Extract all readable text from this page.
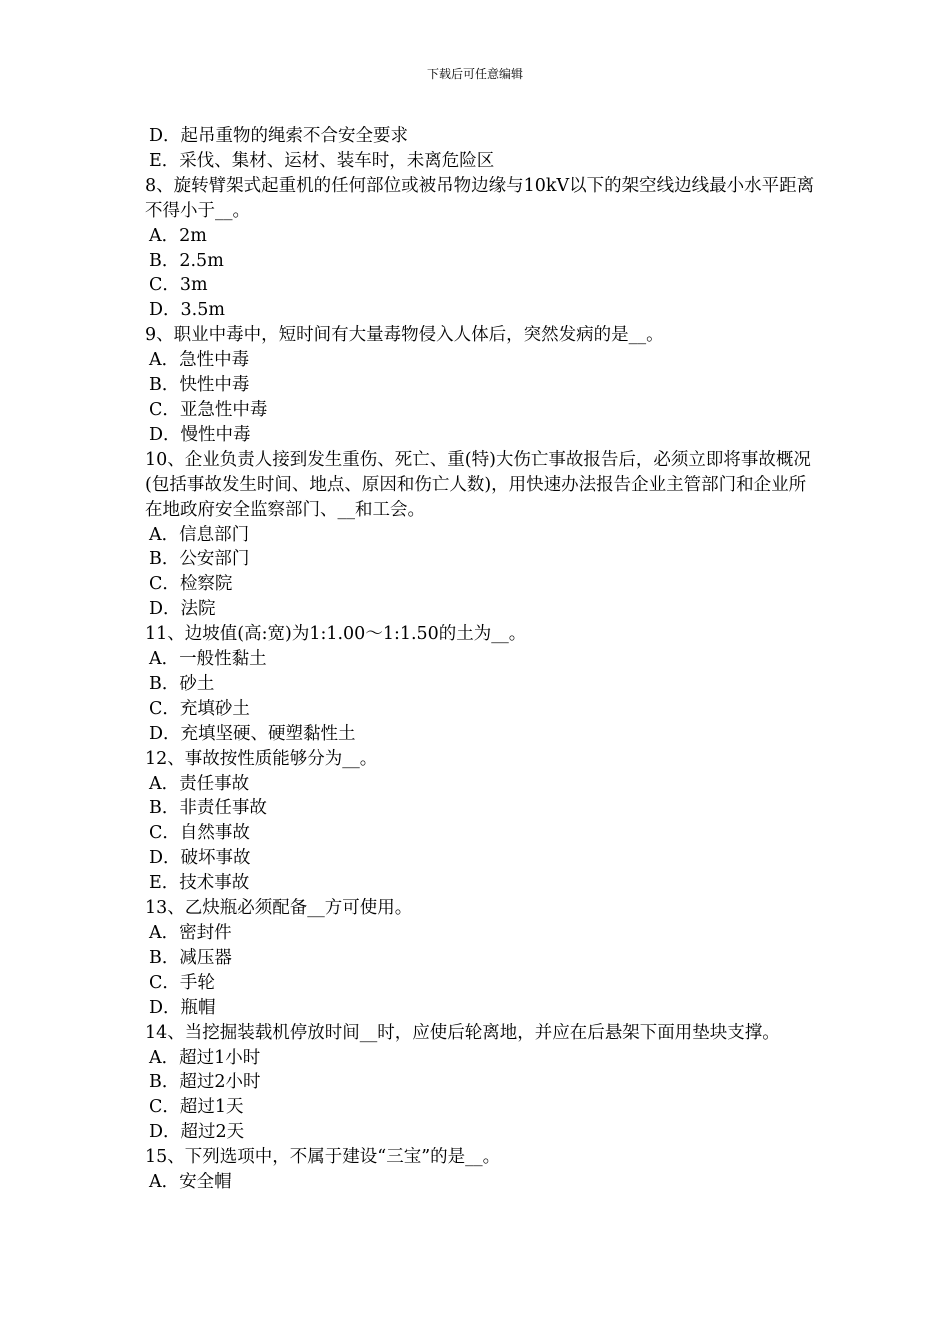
下载后可任意编辑
D．起吊重物的绳索不合安全要求
E．采伐、集材、运材、装车时，未离危险区
8、旋转臂架式起重机的任何部位或被吊物边缘与10kV以下的架空线边线最小水平距离不得小于__。
A．2m
B．2.5m
C．3m
D．3.5m
9、职业中毒中，短时间有大量毒物侵入人体后，突然发病的是__。
A．急性中毒
B．快性中毒
C．亚急性中毒
D．慢性中毒
10、企业负责人接到发生重伤、死亡、重(特)大伤亡事故报告后，必须立即将事故概况(包括事故发生时间、地点、原因和伤亡人数)，用快速办法报告企业主管部门和企业所在地政府安全监察部门、__和工会。
A．信息部门
B．公安部门
C．检察院
D．法院
11、边坡值(高:宽)为1:1.00～1:1.50的土为__。
A．一般性黏土
B．砂土
C．充填砂土
D．充填坚硬、硬塑黏性土
12、事故按性质能够分为__。
A．责任事故
B．非责任事故
C．自然事故
D．破坏事故
E．技术事故
13、乙炔瓶必须配备__方可使用。
A．密封件
B．减压器
C．手轮
D．瓶帽
14、当挖掘装载机停放时间__时，应使后轮离地，并应在后悬架下面用垫块支撑。
A．超过1小时
B．超过2小时
C．超过1天
D．超过2天
15、下列选项中，不属于建设“三宝”的是__。
A．安全帽
